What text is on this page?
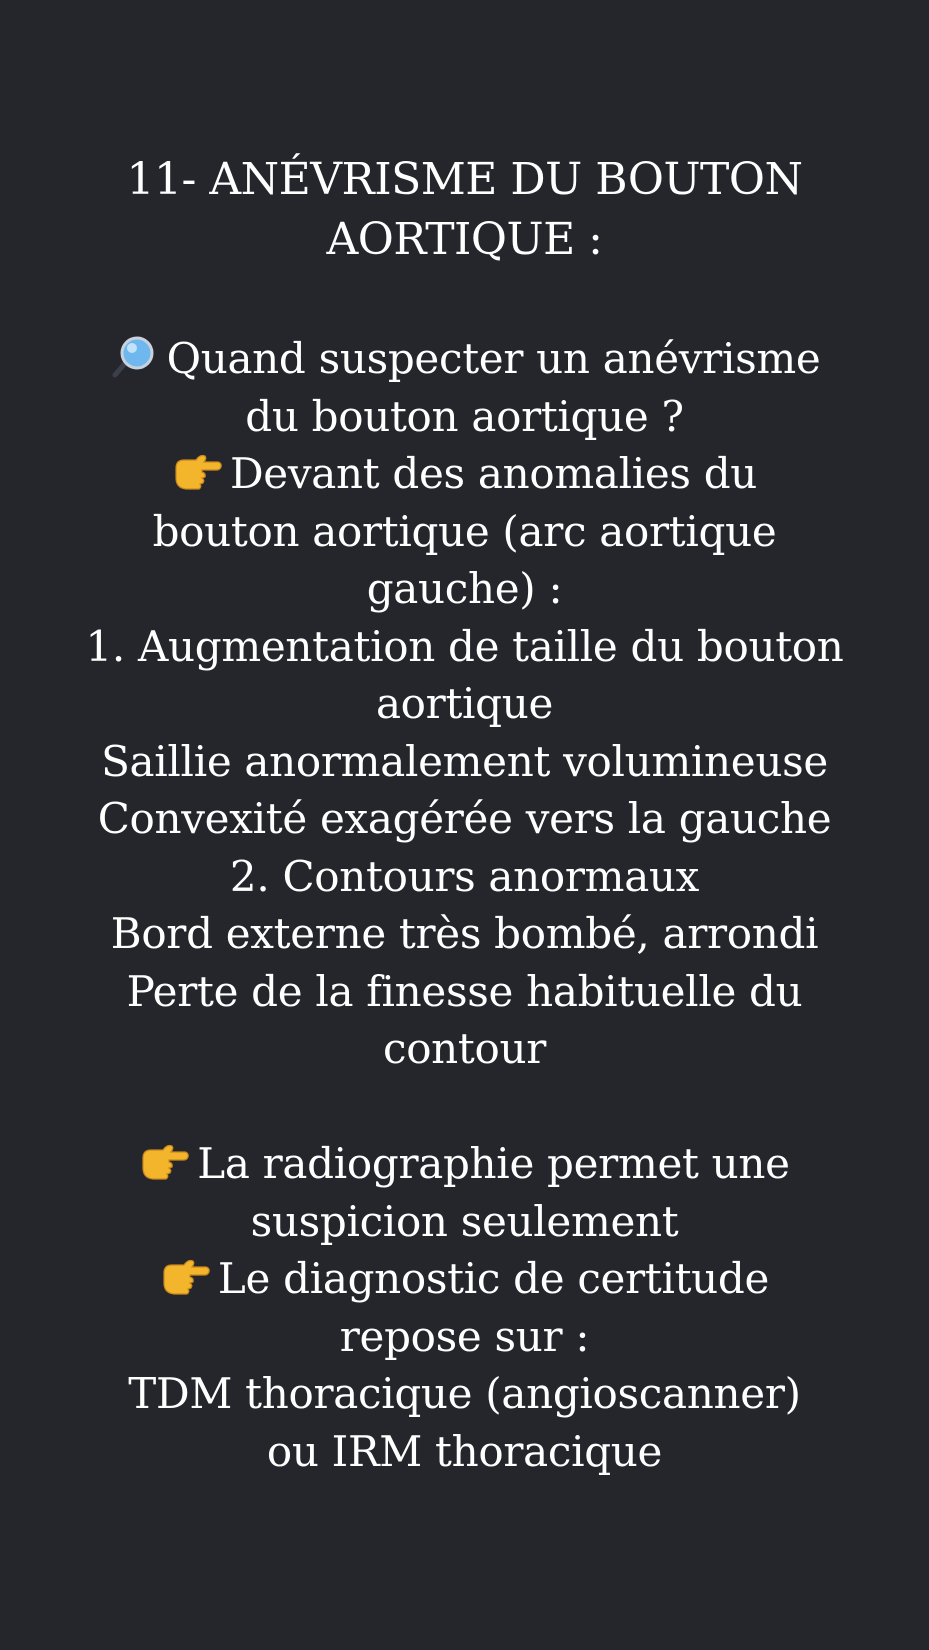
11- ANÉVRISME DU BOUTON
AORTIQUE :
Quand suspecter un anévrisme
du bouton aortique ?
Devant des anomalies du
bouton aortique (arc aortique
gauche) :
1. Augmentation de taille du bouton
aortique
Saillie anormalement volumineuse
Convexité exagérée vers la gauche
2. Contours anormaux
Bord externe très bombé, arrondi
Perte de la finesse habituelle du
contour
La radiographie permet une
suspicion seulement
Le diagnostic de certitude
repose sur :
TDM thoracique (angioscanner)
ou IRM thoracique
